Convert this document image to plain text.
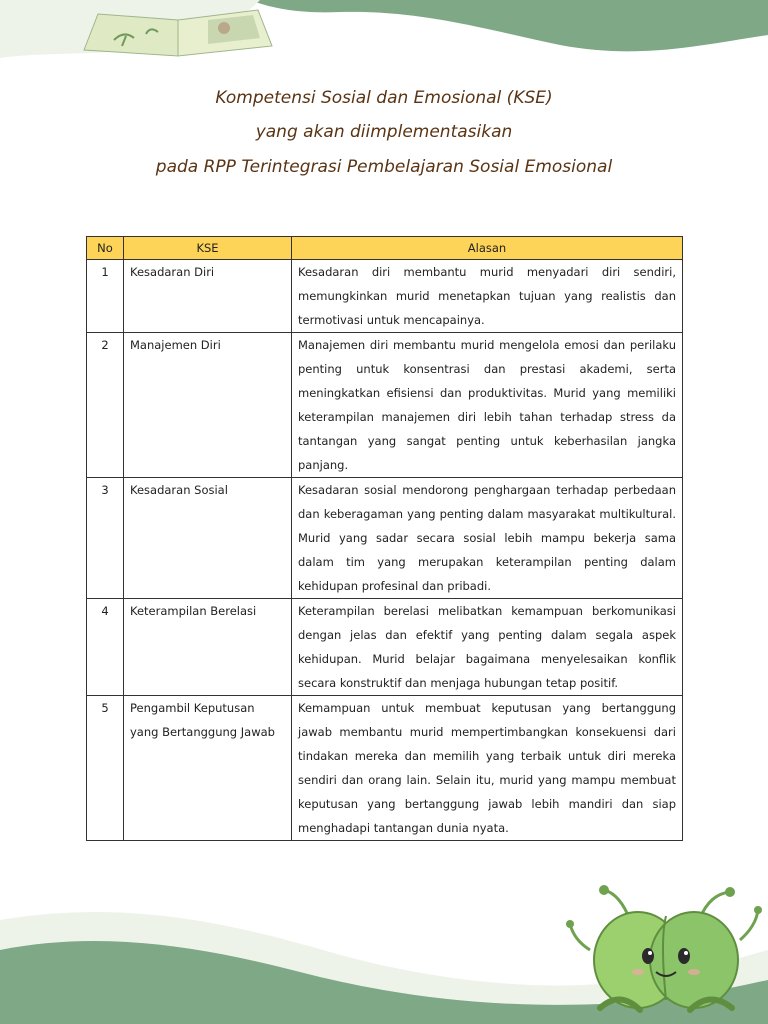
Kompetensi Sosial dan Emosional (KSE)
yang akan diimplementasikan
pada RPP Terintegrasi Pembelajaran Sosial Emosional
No	KSE	Alasan
1	Kesadaran Diri	Kesadaran diri membantu murid menyadari diri sendiri, memungkinkan murid menetapkan tujuan yang realistis dan termotivasi untuk mencapainya.
2	Manajemen Diri	Manajemen diri membantu murid mengelola emosi dan perilaku penting untuk konsentrasi dan prestasi akademi, serta meningkatkan efisiensi dan produktivitas. Murid yang memiliki keterampilan manajemen diri lebih tahan terhadap stress da tantangan yang sangat penting untuk keberhasilan jangka panjang.
3	Kesadaran Sosial	Kesadaran sosial mendorong penghargaan terhadap perbedaan dan keberagaman yang penting dalam masyarakat multikultural. Murid yang sadar secara sosial lebih mampu bekerja sama dalam tim yang merupakan keterampilan penting dalam kehidupan profesinal dan pribadi.
4	Keterampilan Berelasi	Keterampilan berelasi melibatkan kemampuan berkomunikasi dengan jelas dan efektif yang penting dalam segala aspek kehidupan. Murid belajar bagaimana menyelesaikan konflik secara konstruktif dan menjaga hubungan tetap positif.
5	Pengambil Keputusan yang Bertanggung Jawab	Kemampuan untuk membuat keputusan yang bertanggung jawab membantu murid mempertimbangkan konsekuensi dari tindakan mereka dan memilih yang terbaik untuk diri mereka sendiri dan orang lain. Selain itu, murid yang mampu membuat keputusan yang bertanggung jawab lebih mandiri dan siap menghadapi tantangan dunia nyata.
